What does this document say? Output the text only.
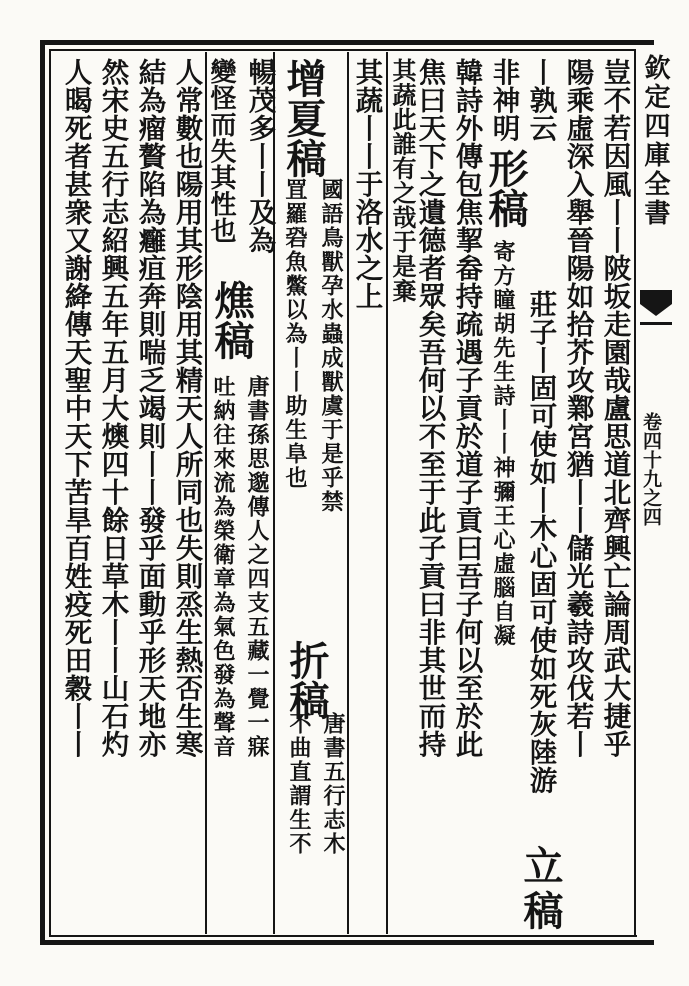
欽定四庫全書
卷四十九之四
豈不若因風丨丨陂坂走園哉盧思道北齊興亡論周武大捷乎
陽乘虛深入舉晉陽如拾芥攻鄴宮猶丨丨儲光羲詩攻伐若丨
丨孰云
立
莊子丨固可使如丨木心固可使如死灰陸游
稿
非神明
形稿
寄方瞳胡先生詩丨丨神彌王心虛腦自凝
韓詩外傳包焦挈畚持疏遇子貢於道子貢曰吾子何以至於此
焦曰天下之遺德者眾矣吾何以不至于此子貢曰非其世而持
其蔬此誰有之哉于是棄
其蔬丨丨于洛水之上
折稿
唐書五行志木
增夏稿
國語鳥獸孕水蟲成獸虞于是乎禁
不曲直謂生不
罝羅䂬魚鱉以為丨丨助生阜也
暢茂多丨丨及為
燋稿
唐書孫思邈傳人之四支五藏一覺一寐
變怪而失其性也
吐納往來流為榮衛章為氣色發為聲音
人常數也陽用其形陰用其精天人所同也失則烝生熱否生寒
結為瘤贅陷為癰疽奔則喘乏竭則丨丨發乎面動乎形天地亦
然宋史五行志紹興五年五月大燠四十餘日草木丨丨山石灼
人暍死者甚衆又謝絳傳天聖中天下苦旱百姓疫死田穀丨丨
